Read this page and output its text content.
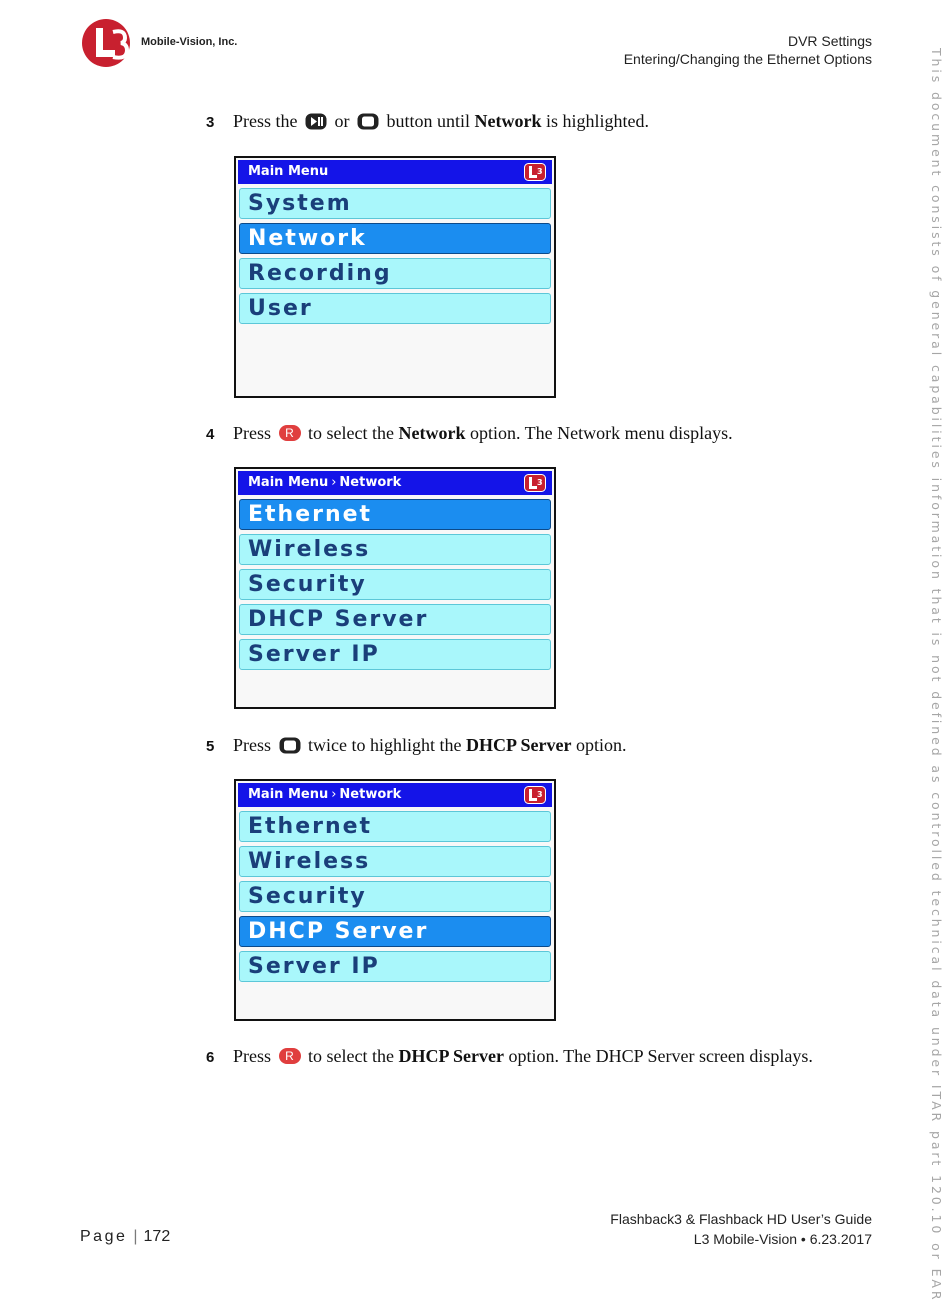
Mobile-Vision, Inc.	DVR Settings
Entering/Changing the Ethernet Options	This document consists of general capabilities information that is not defined as controlled technical data under ITAR part 120.10 or EAR
3 Press the or button until Network is highlighted.
Main Menu	3
System
Network
Recording
User
4 Press R to select the Network option. The Network menu displays.
Main Menu › Network	3
Ethernet
Wireless
Security
DHCP Server
Server IP
5 Press twice to highlight the DHCP Server option.
Main Menu › Network	3
Ethernet
Wireless
Security
DHCP Server
Server IP
6 Press R to select the DHCP Server option. The DHCP Server screen displays.
Page | 172
Flashback3 & Flashback HD User’s Guide
L3 Mobile-Vision • 6.23.2017
